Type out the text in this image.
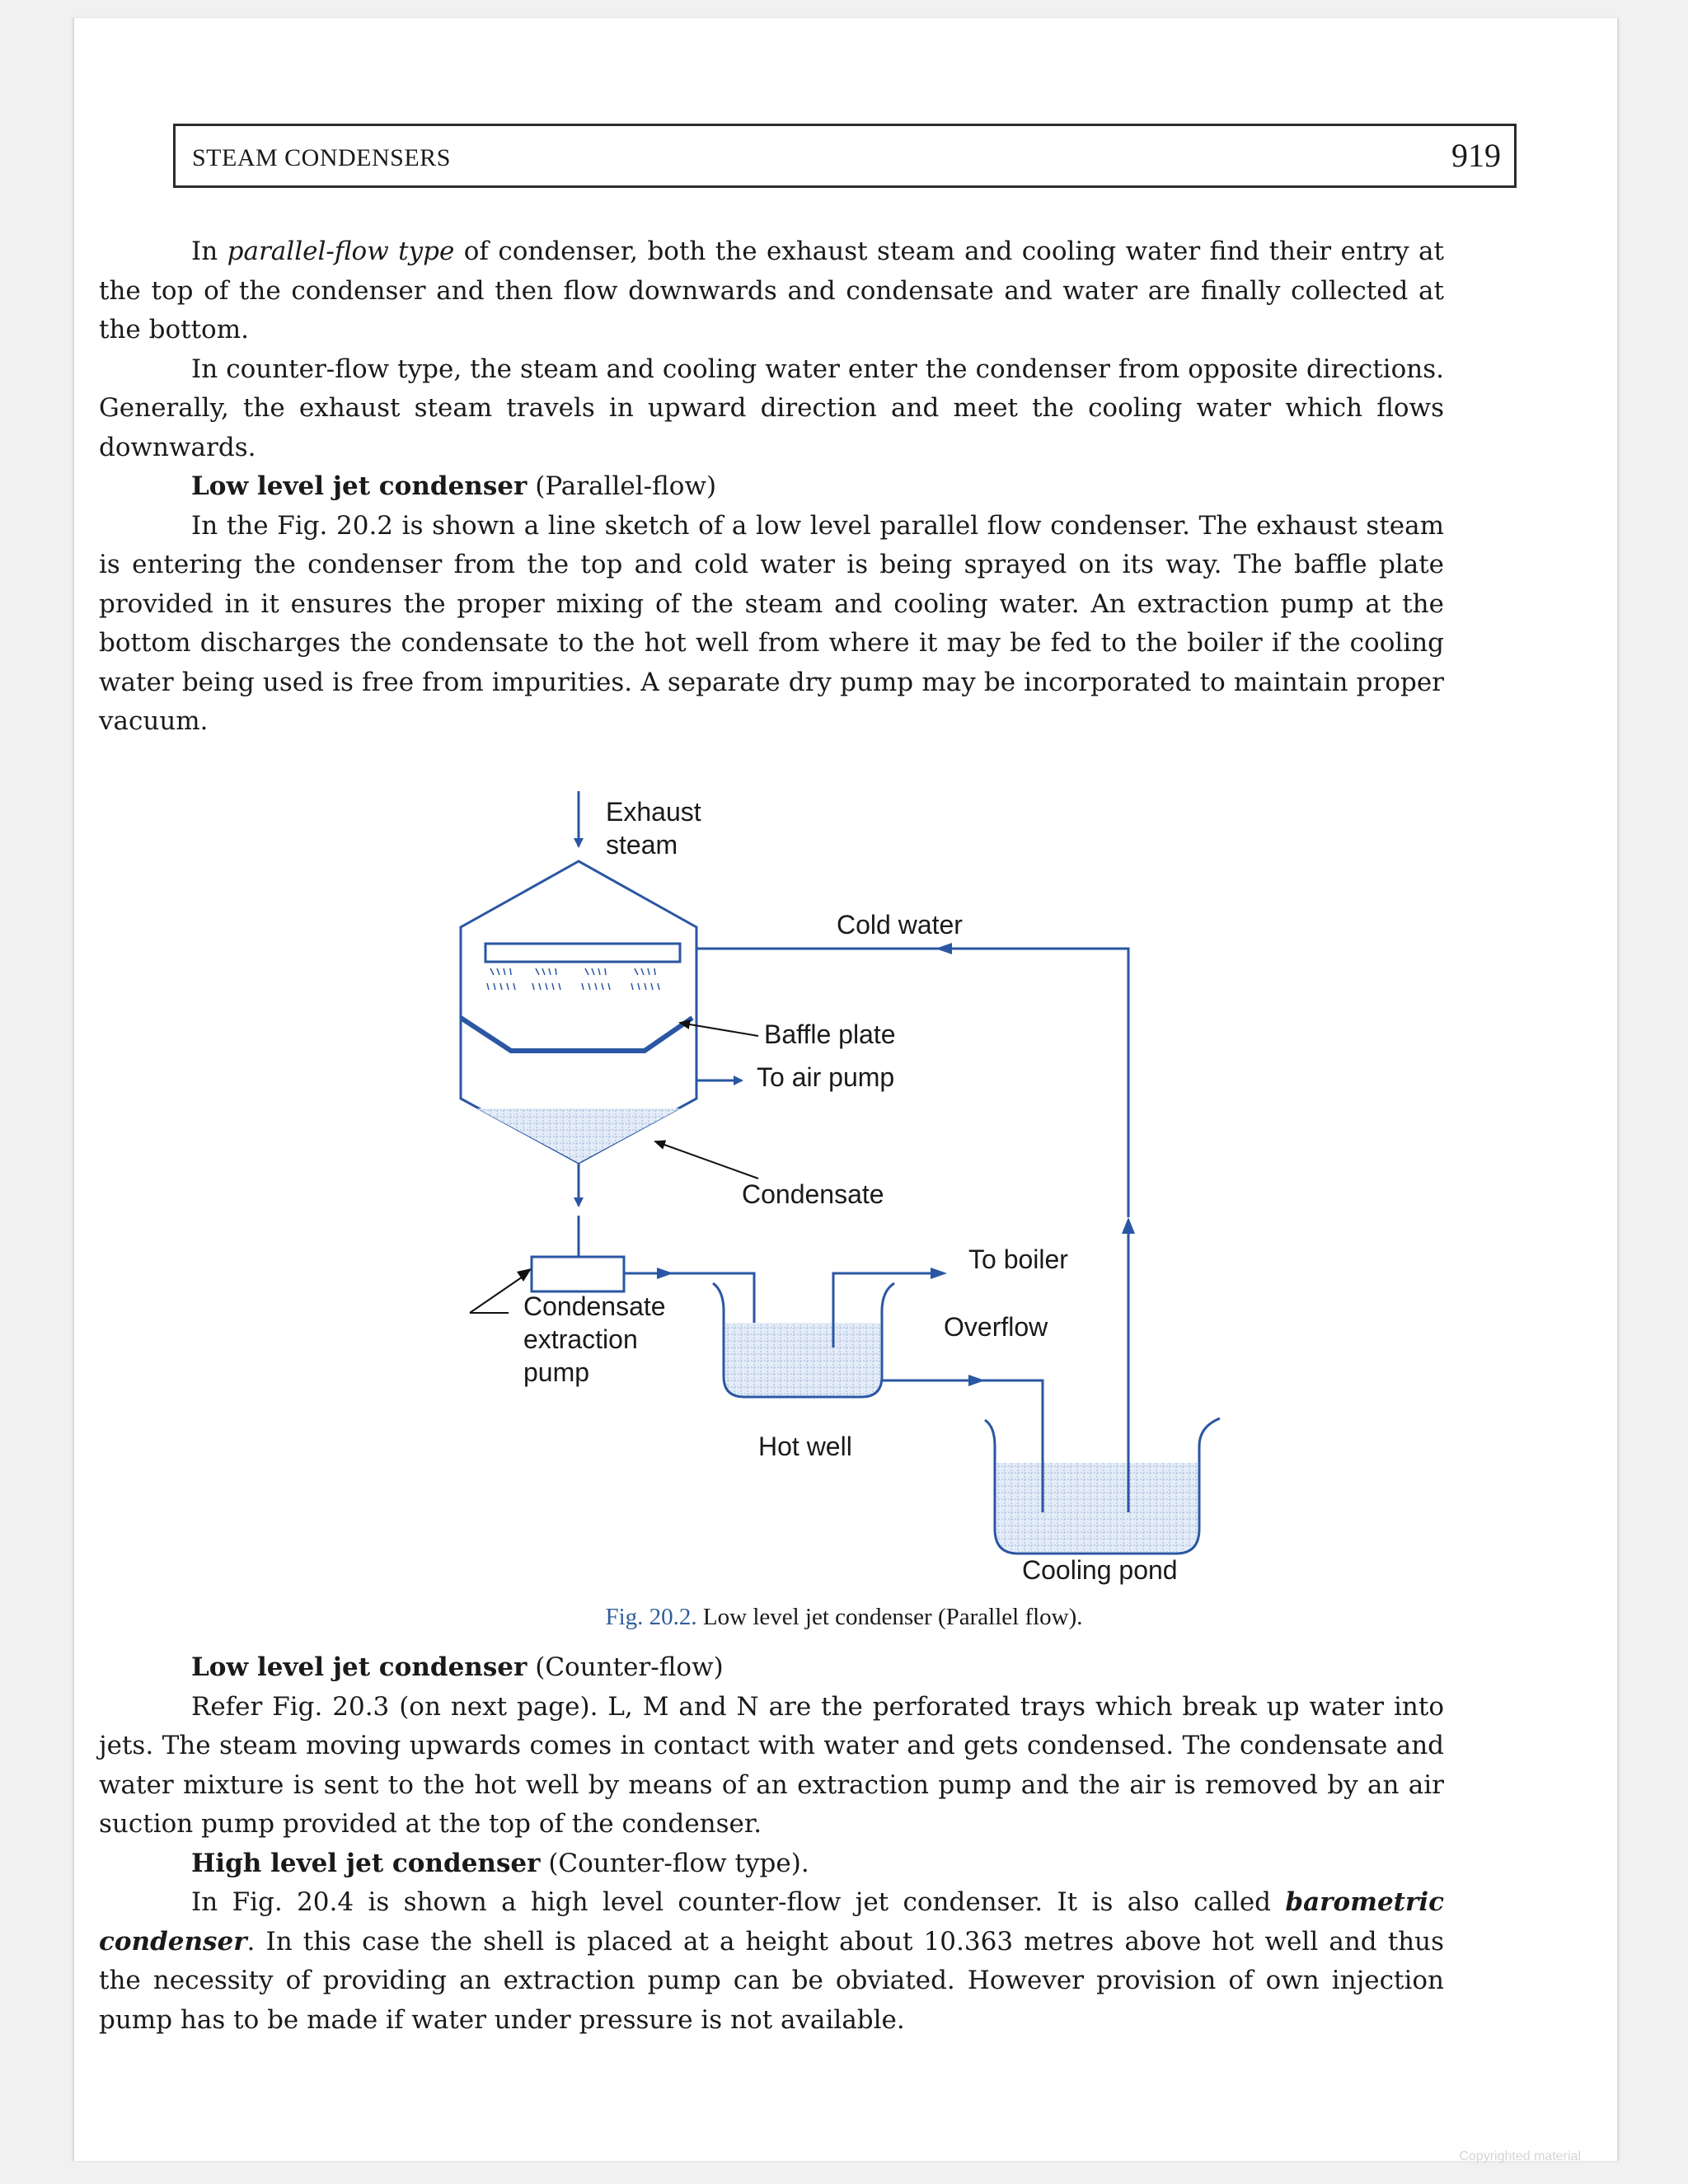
STEAM CONDENSERS	919

In parallel-flow type of condenser, both the exhaust steam and cooling water find their entry at the top of the condenser and then flow downwards and condensate and water are finally collected at the bottom.

In counter-flow type, the steam and cooling water enter the condenser from opposite directions. Generally, the exhaust steam travels in upward direction and meet the cooling water which flows downwards.

Low level jet condenser (Parallel-flow)

In the Fig. 20.2 is shown a line sketch of a low level parallel flow condenser. The exhaust steam is entering the condenser from the top and cold water is being sprayed on its way. The baffle plate provided in it ensures the proper mixing of the steam and cooling water. An extraction pump at the bottom discharges the condensate to the hot well from where it may be fed to the boiler if the cooling water being used is free from impurities. A separate dry pump may be incorporated to maintain proper vacuum.

Exhaust
steam
Cold water
Baffle plate
To air pump
Condensate
To boiler
Overflow
Condensate
extraction
pump
Hot well
Cooling pond
Fig. 20.2. Low level jet condenser (Parallel flow).

Low level jet condenser (Counter-flow)

Refer Fig. 20.3 (on next page). L, M and N are the perforated trays which break up water into jets. The steam moving upwards comes in contact with water and gets condensed. The condensate and water mixture is sent to the hot well by means of an extraction pump and the air is removed by an air suction pump provided at the top of the condenser.

High level jet condenser (Counter-flow type).

In Fig. 20.4 is shown a high level counter-flow jet condenser. It is also called barometric condenser. In this case the shell is placed at a height about 10.363 metres above hot well and thus the necessity of providing an extraction pump can be obviated. However provision of own injection pump has to be made if water under pressure is not available.

Copyrighted material
